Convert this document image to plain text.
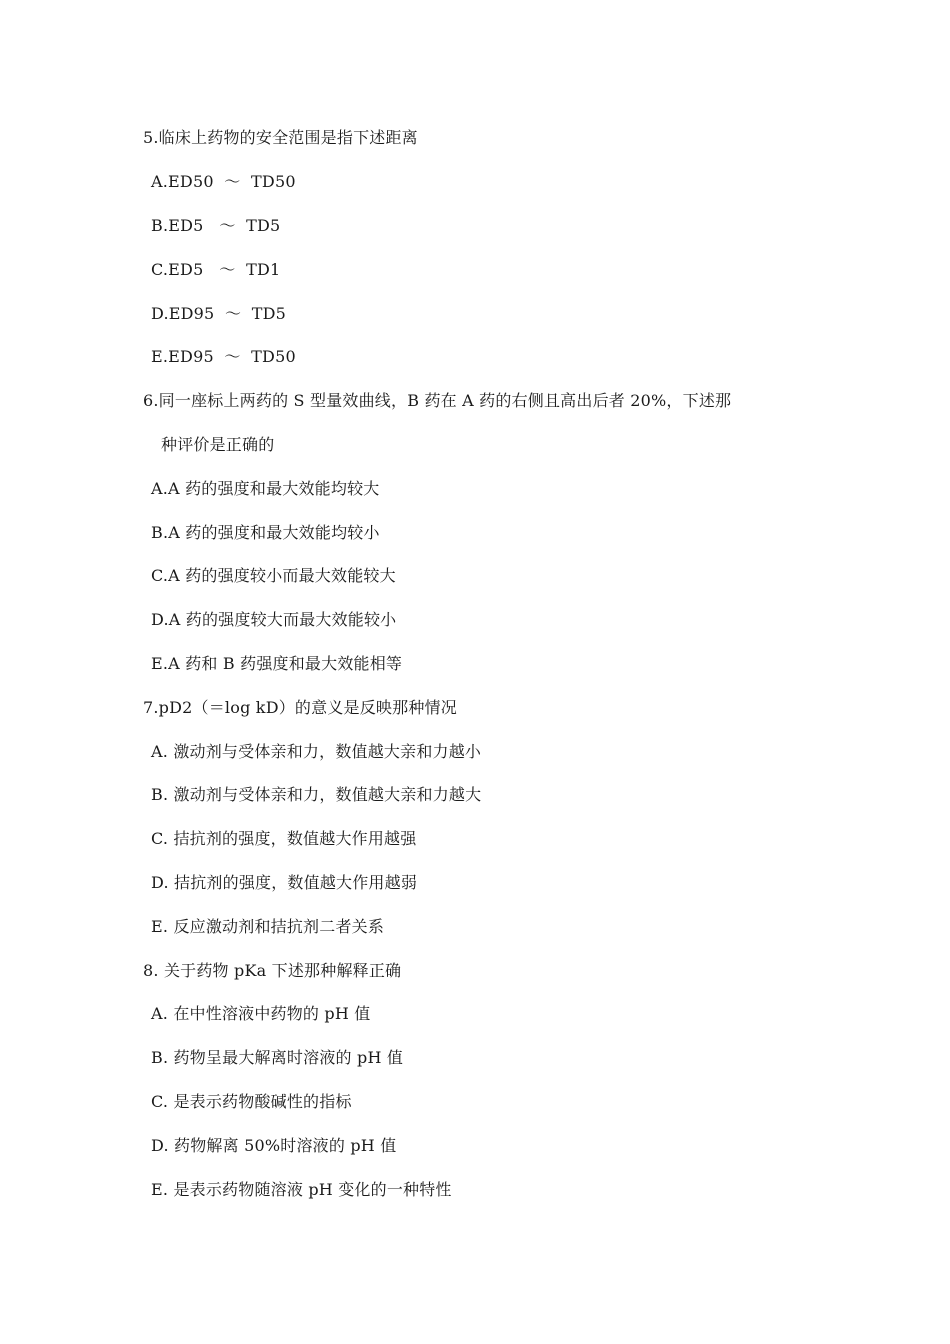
5.临床上药物的安全范围是指下述距离
A.ED50  ～  TD50
B.ED5   ～  TD5
C.ED5   ～  TD1
D.ED95  ～  TD5
E.ED95  ～  TD50
6.同一座标上两药的 S 型量效曲线，B 药在 A 药的右侧且高出后者 20%，下述那
种评价是正确的
A.A 药的强度和最大效能均较大
B.A 药的强度和最大效能均较小
C.A 药的强度较小而最大效能较大
D.A 药的强度较大而最大效能较小
E.A 药和 B 药强度和最大效能相等
7.pD2（＝log kD）的意义是反映那种情况
A. 激动剂与受体亲和力，数值越大亲和力越小
B. 激动剂与受体亲和力，数值越大亲和力越大
C. 拮抗剂的强度，数值越大作用越强
D. 拮抗剂的强度，数值越大作用越弱
E. 反应激动剂和拮抗剂二者关系
8. 关于药物 pKa 下述那种解释正确
A. 在中性溶液中药物的 pH 值
B. 药物呈最大解离时溶液的 pH 值
C. 是表示药物酸碱性的指标
D. 药物解离 50%时溶液的 pH 值
E. 是表示药物随溶液 pH 变化的一种特性
